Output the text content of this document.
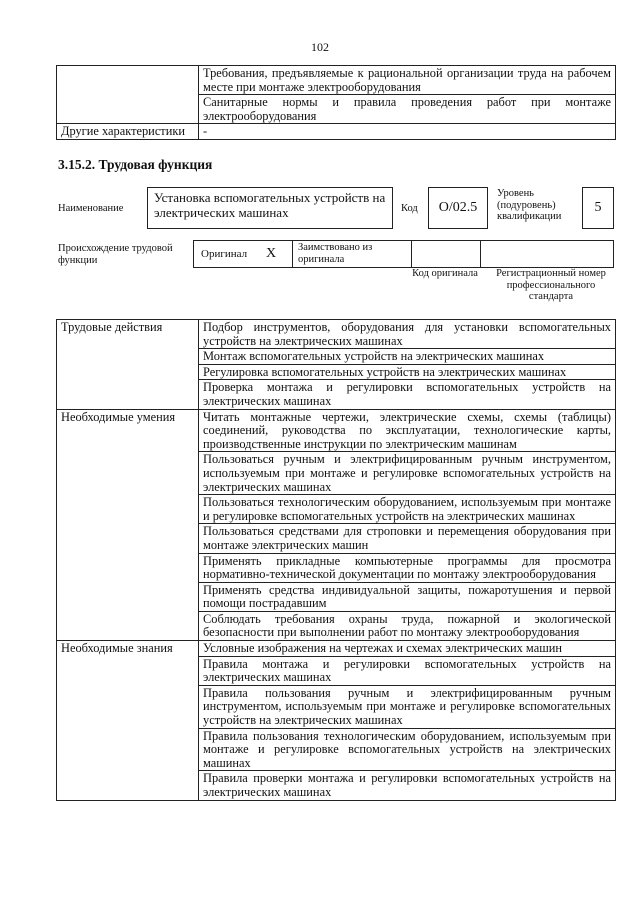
102
	Требования, предъявляемые к рациональной организации труда на рабочем месте при монтаже электрооборудования
	Санитарные нормы и правила проведения работ при монтаже электрооборудования
Другие характеристики	-
3.15.2. Трудовая функция
Наименование
Установка вспомогательных устройств на электрических машинах	Код	O/02.5
Уровень (подуровень) квалификации
5
Происхождение трудовой функции	Оригинал X Заимствовано из оригинала
Код оригинала	Регистрационный номер профессионального стандарта
Трудовые действия	Подбор инструментов, оборудования для установки вспомогательных устройств на электрических машинах
	Монтаж вспомогательных устройств на электрических машинах
	Регулировка вспомогательных устройств на электрических машинах
	Проверка монтажа и регулировки вспомогательных устройств на электрических машинах
Необходимые умения	Читать монтажные чертежи, электрические схемы, схемы (таблицы) соединений, руководства по эксплуатации, технологические карты, производственные инструкции по электрическим машинам
	Пользоваться ручным и электрифицированным ручным инструментом, используемым при монтаже и регулировке вспомогательных устройств на электрических машинах
	Пользоваться технологическим оборудованием, используемым при монтаже и регулировке вспомогательных устройств на электрических машинах
	Пользоваться средствами для строповки и перемещения оборудования при монтаже электрических машин
	Применять прикладные компьютерные программы для просмотра нормативно-технической документации по монтажу электрооборудования
	Применять средства индивидуальной защиты, пожаротушения и первой помощи пострадавшим
	Соблюдать требования охраны труда, пожарной и экологической безопасности при выполнении работ по монтажу электрооборудования
Необходимые знания	Условные изображения на чертежах и схемах электрических машин
	Правила монтажа и регулировки вспомогательных устройств на электрических машинах
	Правила пользования ручным и электрифицированным ручным инструментом, используемым при монтаже и регулировке вспомогательных устройств на электрических машинах
	Правила пользования технологическим оборудованием, используемым при монтаже и регулировке вспомогательных устройств на электрических машинах
	Правила проверки монтажа и регулировки вспомогательных устройств на электрических машинах
